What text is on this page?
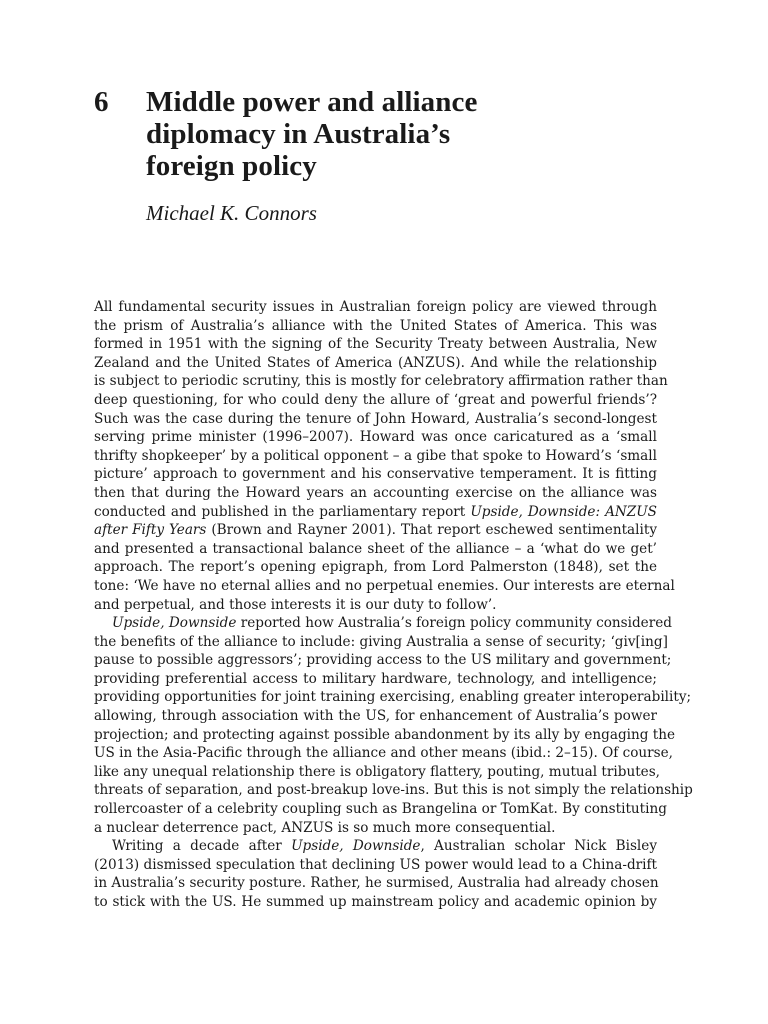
6 Middle power and alliance
diplomacy in Australia’s
foreign policy
Michael K. Connors
All fundamental security issues in Australian foreign policy are viewed through
the prism of Australia’s alliance with the United States of America. This was
formed in 1951 with the signing of the Security Treaty between Australia, New
Zealand and the United States of America (ANZUS). And while the relationship
is subject to periodic scrutiny, this is mostly for celebratory affirmation rather than
deep questioning, for who could deny the allure of ‘great and powerful friends’?
Such was the case during the tenure of John Howard, Australia’s second-longest
serving prime minister (1996–2007). Howard was once caricatured as a ‘small
thrifty shopkeeper’ by a political opponent – a gibe that spoke to Howard’s ‘small
picture’ approach to government and his conservative temperament. It is fitting
then that during the Howard years an accounting exercise on the alliance was
conducted and published in the parliamentary report Upside, Downside: ANZUS
after Fifty Years (Brown and Rayner 2001). That report eschewed sentimentality
and presented a transactional balance sheet of the alliance – a ‘what do we get’
approach. The report’s opening epigraph, from Lord Palmerston (1848), set the
tone: ‘We have no eternal allies and no perpetual enemies. Our interests are eternal
and perpetual, and those interests it is our duty to follow’.
Upside, Downside reported how Australia’s foreign policy community considered
the benefits of the alliance to include: giving Australia a sense of security; ‘giv[ing]
pause to possible aggressors’; providing access to the US military and government;
providing preferential access to military hardware, technology, and intelligence;
providing opportunities for joint training exercising, enabling greater interoperability;
allowing, through association with the US, for enhancement of Australia’s power
projection; and protecting against possible abandonment by its ally by engaging the
US in the Asia-Pacific through the alliance and other means (ibid.: 2–15). Of course,
like any unequal relationship there is obligatory flattery, pouting, mutual tributes,
threats of separation, and post-breakup love-ins. But this is not simply the relationship
rollercoaster of a celebrity coupling such as Brangelina or TomKat. By constituting
a nuclear deterrence pact, ANZUS is so much more consequential.
Writing a decade after Upside, Downside, Australian scholar Nick Bisley
(2013) dismissed speculation that declining US power would lead to a China-drift
in Australia’s security posture. Rather, he surmised, Australia had already chosen
to stick with the US. He summed up mainstream policy and academic opinion by
